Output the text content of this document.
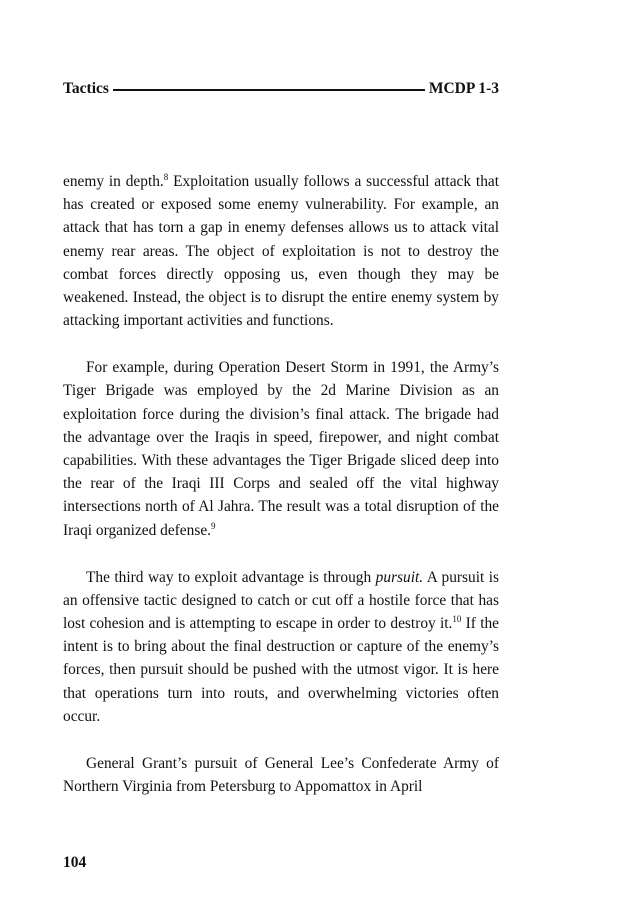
Tactics	MCDP 1-3

enemy in depth.$^8$ Exploitation usually follows a successful attack that has created or exposed some enemy vulnerability. For example, an attack that has torn a gap in enemy defenses allows us to attack vital enemy rear areas. The object of exploitation is not to destroy the combat forces directly opposing us, even though they may be weakened. Instead, the object is to disrupt the entire enemy system by attacking important activities and functions.

For example, during Operation Desert Storm in 1991, the Army’s Tiger Brigade was employed by the 2d Marine Division as an exploitation force during the division’s final attack. The brigade had the advantage over the Iraqis in speed, firepower, and night combat capabilities. With these advantages the Tiger Brigade sliced deep into the rear of the Iraqi III Corps and sealed off the vital highway intersections north of Al Jahra. The result was a total disruption of the Iraqi organized defense.$^9$

The third way to exploit advantage is through pursuit. A pursuit is an offensive tactic designed to catch or cut off a hostile force that has lost cohesion and is attempting to escape in order to destroy it.$^{10}$ If the intent is to bring about the final destruction or capture of the enemy’s forces, then pursuit should be pushed with the utmost vigor. It is here that operations turn into routs, and overwhelming victories often occur.

General Grant’s pursuit of General Lee’s Confederate Army of Northern Virginia from Petersburg to Appomattox in April

104
